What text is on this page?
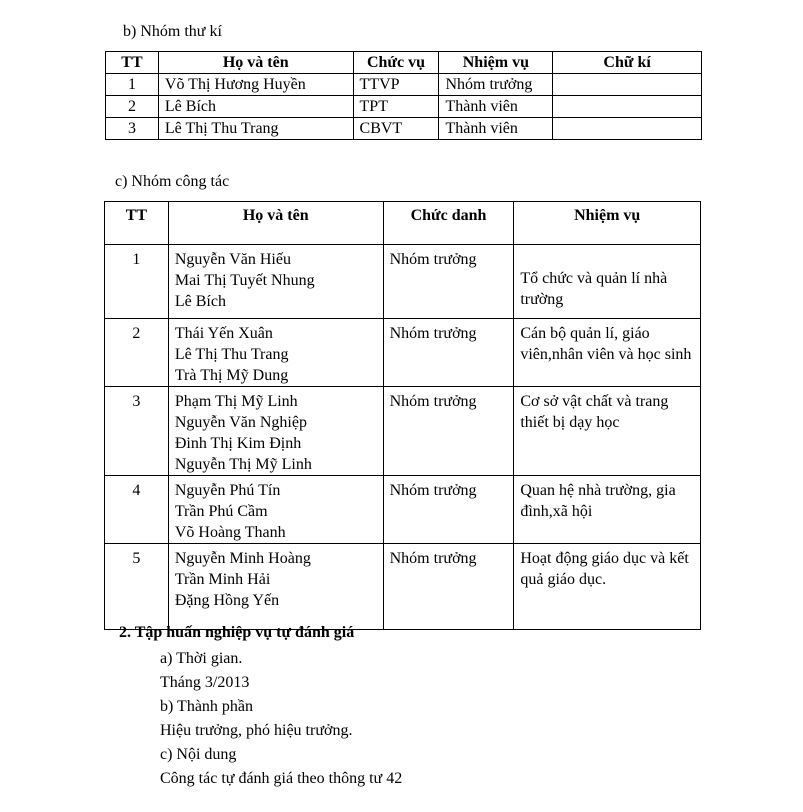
b) Nhóm thư kí
TT	Họ và tên	Chức vụ	Nhiệm vụ	Chữ kí
1	Võ Thị Hương Huyền	TTVP	Nhóm trưởng	
2	Lê Bích	TPT	Thành viên	
3	Lê Thị Thu Trang	CBVT	Thành viên	
c) Nhóm công tác
TT	Họ và tên	Chức danh	Nhiệm vụ
1	Nguyễn Văn Hiếu
Mai Thị Tuyết Nhung
Lê Bích	Nhóm trưởng	Tổ chức và quản lí nhà trường

2	Thái Yến Xuân
Lê Thị Thu Trang
Trà Thị Mỹ Dung	Nhóm trưởng	Cán bộ quản lí, giáo viên,nhân viên và học sinh

3	Phạm Thị Mỹ Linh
Nguyễn Văn Nghiệp
Đinh Thị Kim Định
Nguyễn Thị Mỹ Linh	Nhóm trưởng	Cơ sở vật chất và trang thiết bị dạy học

4	Nguyễn Phú Tín
Trần Phú Cầm
Võ Hoàng Thanh	Nhóm trưởng	Quan hệ nhà trường, gia đình,xã hội

5	Nguyễn Minh Hoàng
Trần Minh Hải
Đặng Hồng Yến	Nhóm trưởng	Hoạt động giáo dục và kết quả giáo dục.
2. Tập huấn nghiệp vụ tự đánh giá
a) Thời gian.
Tháng 3/2013
b) Thành phần
Hiệu trưởng, phó hiệu trưởng.
c) Nội dung
Công tác tự đánh giá theo thông tư 42
